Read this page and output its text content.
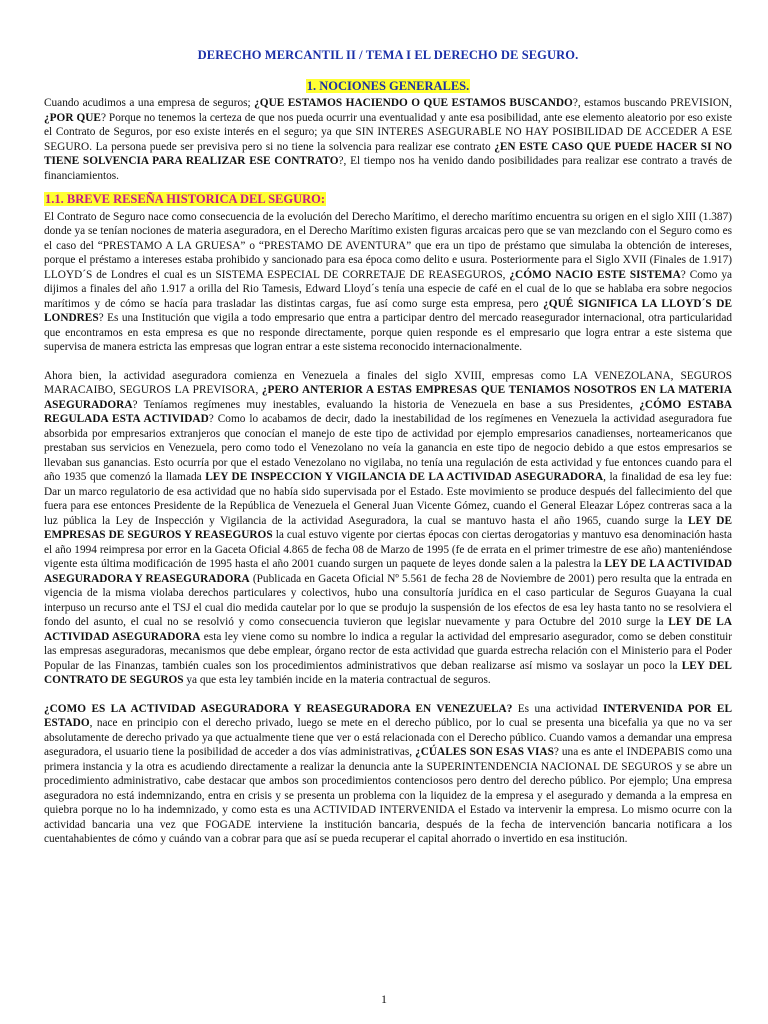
DERECHO MERCANTIL II / TEMA I EL DERECHO DE SEGURO.
1. NOCIONES GENERALES.

Cuando acudimos a una empresa de seguros; ¿QUE ESTAMOS HACIENDO O QUE ESTAMOS BUSCANDO?, estamos buscando PREVISION, ¿POR QUE? Porque no tenemos la certeza de que nos pueda ocurrir una eventualidad y ante esa posibilidad, ante ese elemento aleatorio por eso existe el Contrato de Seguros, por eso existe interés en el seguro; ya que SIN INTERES ASEGURABLE NO HAY POSIBILIDAD DE ACCEDER A ESE SEGURO. La persona puede ser previsiva pero si no tiene la solvencia para realizar ese contrato ¿EN ESTE CASO QUE PUEDE HACER SI NO TIENE SOLVENCIA PARA REALIZAR ESE CONTRATO?, El tiempo nos ha venido dando posibilidades para realizar ese contrato a través de financiamientos.

1.1. BREVE RESEÑA HISTORICA DEL SEGURO:

El Contrato de Seguro nace como consecuencia de la evolución del Derecho Marítimo, el derecho marítimo encuentra su origen en el siglo XIII (1.387) donde ya se tenían nociones de materia aseguradora, en el Derecho Marítimo existen figuras arcaicas pero que se van mezclando con el Seguro como es el caso del “PRESTAMO A LA GRUESA” o “PRESTAMO DE AVENTURA” que era un tipo de préstamo que simulaba la obtención de intereses, porque el préstamo a intereses estaba prohibido y sancionado para esa época como delito e usura. Posteriormente para el Siglo XVII (Finales de 1.917) LLOYD´S de Londres el cual es un SISTEMA ESPECIAL DE CORRETAJE DE REASEGUROS, ¿CÓMO NACIO ESTE SISTEMA? Como ya dijimos a finales del año 1.917 a orilla del Rio Tamesis, Edward Lloyd´s tenía una especie de café en el cual de lo que se hablaba era sobre negocios marítimos y de cómo se hacía para trasladar las distintas cargas, fue así como surge esta empresa, pero ¿QUÉ SIGNIFICA LA LLOYD´S DE LONDRES? Es una Institución que vigila a todo empresario que entra a participar dentro del mercado reasegurador internacional, otra particularidad que encontramos en esta empresa es que no responde directamente, porque quien responde es el empresario que logra entrar a este sistema que supervisa de manera estricta las empresas que logran entrar a este sistema reconocido internacionalmente.

Ahora bien, la actividad aseguradora comienza en Venezuela a finales del siglo XVIII, empresas como LA VENEZOLANA, SEGUROS MARACAIBO, SEGUROS LA PREVISORA, ¿PERO ANTERIOR A ESTAS EMPRESAS QUE TENIAMOS NOSOTROS EN LA MATERIA ASEGURADORA? Teníamos regímenes muy inestables, evaluando la historia de Venezuela en base a sus Presidentes, ¿CÓMO ESTABA REGULADA ESTA ACTIVIDAD? Como lo acabamos de decir, dado la inestabilidad de los regímenes en Venezuela la actividad aseguradora fue absorbida por empresarios extranjeros que conocían el manejo de este tipo de actividad por ejemplo empresarios canadienses, norteamericanos que prestaban sus servicios en Venezuela, pero como todo el Venezolano no veía la ganancia en este tipo de negocio debido a que estos empresarios se llevaban sus ganancias. Esto ocurría por que el estado Venezolano no vigilaba, no tenía una regulación de esta actividad y fue entonces cuando para el año 1935 que comenzó la llamada LEY DE INSPECCION Y VIGILANCIA DE LA ACTIVIDAD ASEGURADORA, la finalidad de esa ley fue: Dar un marco regulatorio de esa actividad que no había sido supervisada por el Estado. Este movimiento se produce después del fallecimiento del que fuera para ese entonces Presidente de la República de Venezuela el General Juan Vicente Gómez, cuando el General Eleazar López contreras saca a la luz pública la Ley de Inspección y Vigilancia de la actividad Aseguradora, la cual se mantuvo hasta el año 1965, cuando surge la LEY DE EMPRESAS DE SEGUROS Y REASEGUROS la cual estuvo vigente por ciertas épocas con ciertas derogatorias y mantuvo esa denominación hasta el año 1994 reimpresa por error en la Gaceta Oficial 4.865 de fecha 08 de Marzo de 1995 (fe de errata en el primer trimestre de ese año) manteniéndose vigente esta última modificación de 1995 hasta el año 2001 cuando surgen un paquete de leyes donde salen a la palestra la LEY DE LA ACTIVIDAD ASEGURADORA Y REASEGURADORA (Publicada en Gaceta Oficial Nº 5.561 de fecha 28 de Noviembre de 2001) pero resulta que la entrada en vigencia de la misma violaba derechos particulares y colectivos, hubo una consultoría jurídica en el caso particular de Seguros Guayana la cual interpuso un recurso ante el TSJ el cual dio medida cautelar por lo que se produjo la suspensión de los efectos de esa ley hasta tanto no se resolviera el fondo del asunto, el cual no se resolvió y como consecuencia tuvieron que legislar nuevamente y para Octubre del 2010 surge la LEY DE LA ACTIVIDAD ASEGURADORA esta ley viene como su nombre lo indica a regular la actividad del empresario asegurador, como se deben constituir las empresas aseguradoras, mecanismos que debe emplear, órgano rector de esta actividad que guarda estrecha relación con el Ministerio para el Poder Popular de las Finanzas, también cuales son los procedimientos administrativos que deban realizarse así mismo va soslayar un poco la LEY DEL CONTRATO DE SEGUROS ya que esta ley también incide en la materia contractual de seguros.

¿COMO ES LA ACTIVIDAD ASEGURADORA Y REASEGURADORA EN VENEZUELA? Es una actividad INTERVENIDA POR EL ESTADO, nace en principio con el derecho privado, luego se mete en el derecho público, por lo cual se presenta una bicefalia ya que no va ser absolutamente de derecho privado ya que actualmente tiene que ver o está relacionada con el Derecho público. Cuando vamos a demandar una empresa aseguradora, el usuario tiene la posibilidad de acceder a dos vías administrativas, ¿CÚALES SON ESAS VIAS? una es ante el INDEPABIS como una primera instancia y la otra es acudiendo directamente a realizar la denuncia ante la SUPERINTENDENCIA NACIONAL DE SEGUROS y se abre un procedimiento administrativo, cabe destacar que ambos son procedimientos contenciosos pero dentro del derecho público. Por ejemplo; Una empresa aseguradora no está indemnizando, entra en crisis y se presenta un problema con la liquidez de la empresa y el asegurado y demanda a la empresa en quiebra porque no lo ha indemnizado, y como esta es una ACTIVIDAD INTERVENIDA el Estado va intervenir la empresa. Lo mismo ocurre con la actividad bancaria una vez que FOGADE interviene la institución bancaria, después de la fecha de intervención bancaria notificara a los cuentahabientes de cómo y cuándo van a cobrar para que así se pueda recuperar el capital ahorrado o invertido en esa institución.

1
